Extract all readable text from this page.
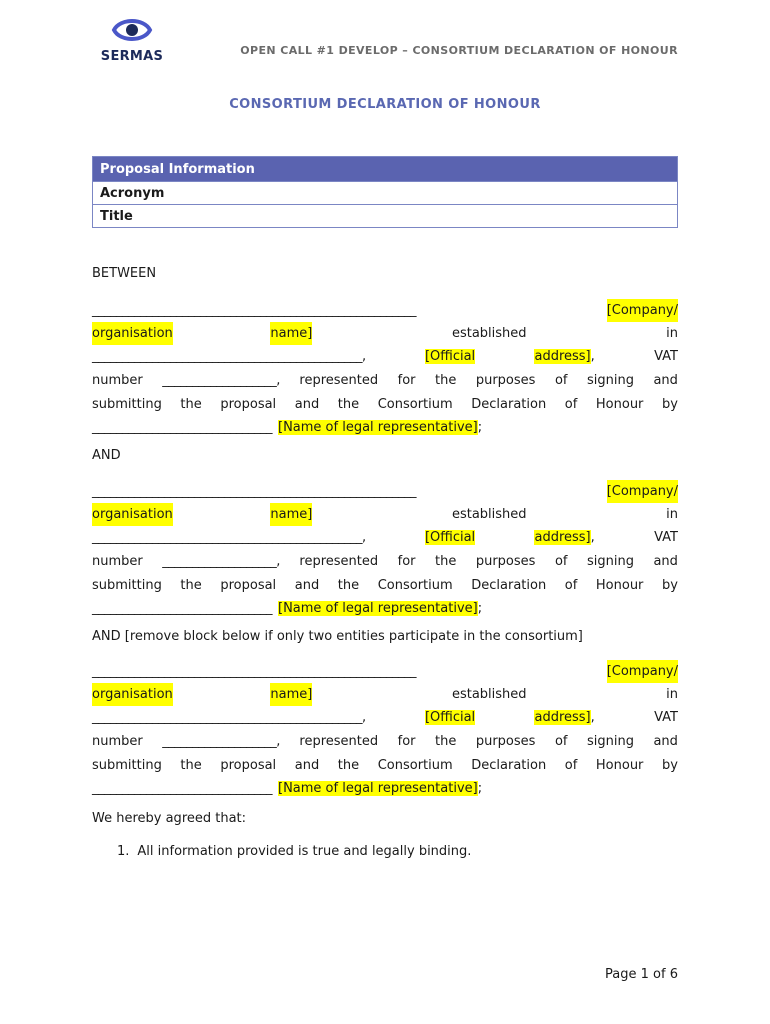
SERMAS	OPEN CALL #1 DEVELOP – CONSORTIUM DECLARATION OF HONOUR
CONSORTIUM DECLARATION OF HONOUR
Proposal Information
Acronym
Title
BETWEEN
______________________________________________________	[Company/
organisation	name]	established	in
_____________________________________________,	[Official	address],	VAT
number ___________________, represented for the purposes of signing and
submitting the proposal and the Consortium Declaration of Honour by
______________________________ [Name of legal representative];
AND
______________________________________________________	[Company/
organisation	name]	established	in
_____________________________________________,	[Official	address],	VAT
number ___________________, represented for the purposes of signing and
submitting the proposal and the Consortium Declaration of Honour by
______________________________ [Name of legal representative];
AND [remove block below if only two entities participate in the consortium]
______________________________________________________	[Company/
organisation	name]	established	in
_____________________________________________,	[Official	address],	VAT
number ___________________, represented for the purposes of signing and
submitting the proposal and the Consortium Declaration of Honour by
______________________________ [Name of legal representative];
We hereby agreed that:
1. All information provided is true and legally binding.
Page 1 of 6
